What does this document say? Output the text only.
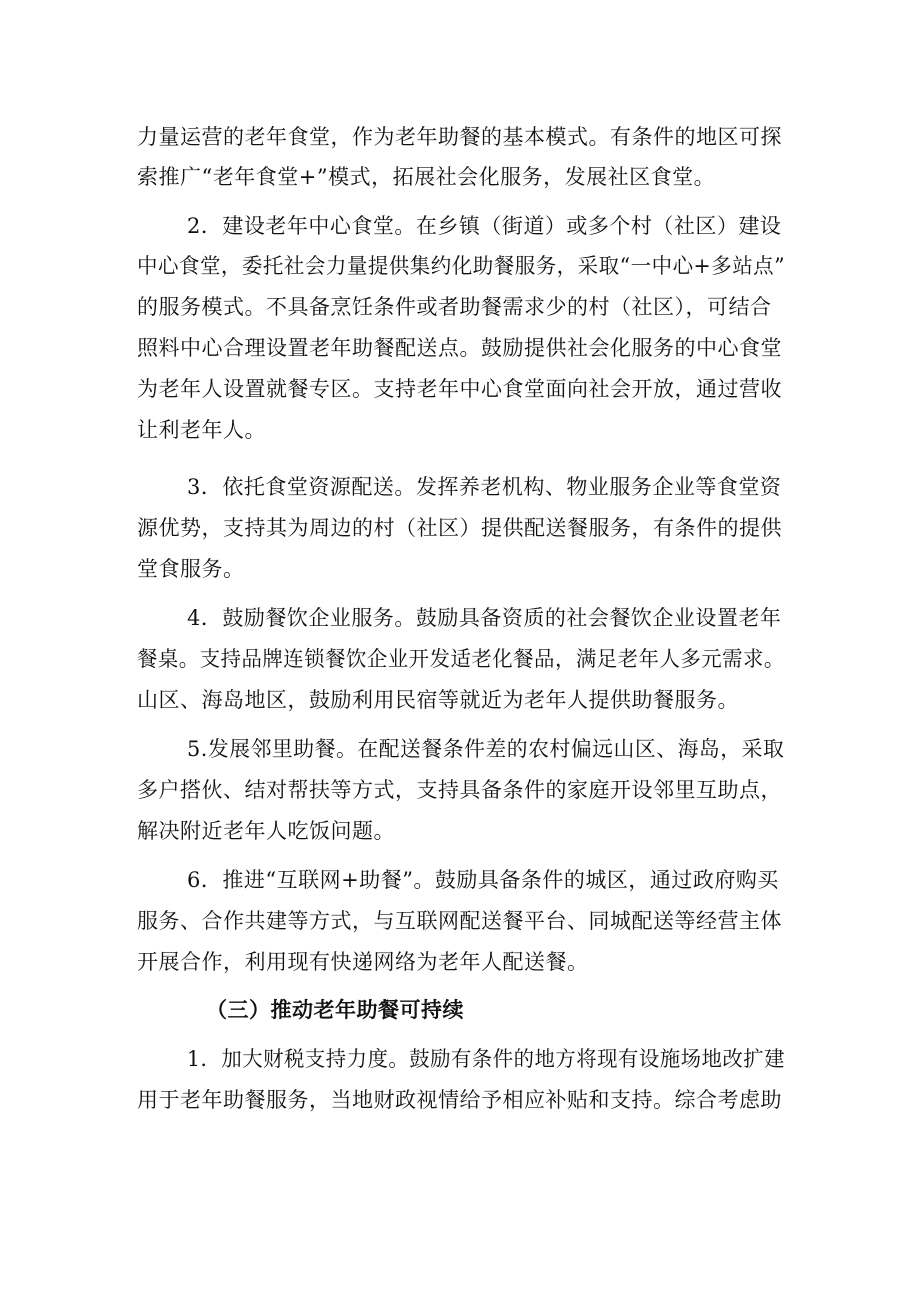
力量运营的老年食堂，作为老年助餐的基本模式。有条件的地区可探
索推广“老年食堂+”模式，拓展社会化服务，发展社区食堂。
2．建设老年中心食堂。在乡镇（街道）或多个村（社区）建设
中心食堂，委托社会力量提供集约化助餐服务，采取“一中心+多站点”
的服务模式。不具备烹饪条件或者助餐需求少的村（社区），可结合
照料中心合理设置老年助餐配送点。鼓励提供社会化服务的中心食堂
为老年人设置就餐专区。支持老年中心食堂面向社会开放，通过营收
让利老年人。
3．依托食堂资源配送。发挥养老机构、物业服务企业等食堂资
源优势，支持其为周边的村（社区）提供配送餐服务，有条件的提供
堂食服务。
4．鼓励餐饮企业服务。鼓励具备资质的社会餐饮企业设置老年
餐桌。支持品牌连锁餐饮企业开发适老化餐品，满足老年人多元需求。
山区、海岛地区，鼓励利用民宿等就近为老年人提供助餐服务。
5.发展邻里助餐。在配送餐条件差的农村偏远山区、海岛，采取
多户搭伙、结对帮扶等方式，支持具备条件的家庭开设邻里互助点，
解决附近老年人吃饭问题。
6．推进“互联网+助餐”。鼓励具备条件的城区，通过政府购买
服务、合作共建等方式，与互联网配送餐平台、同城配送等经营主体
开展合作，利用现有快递网络为老年人配送餐。
（三）推动老年助餐可持续
1．加大财税支持力度。鼓励有条件的地方将现有设施场地改扩建
用于老年助餐服务，当地财政视情给予相应补贴和支持。综合考虑助
